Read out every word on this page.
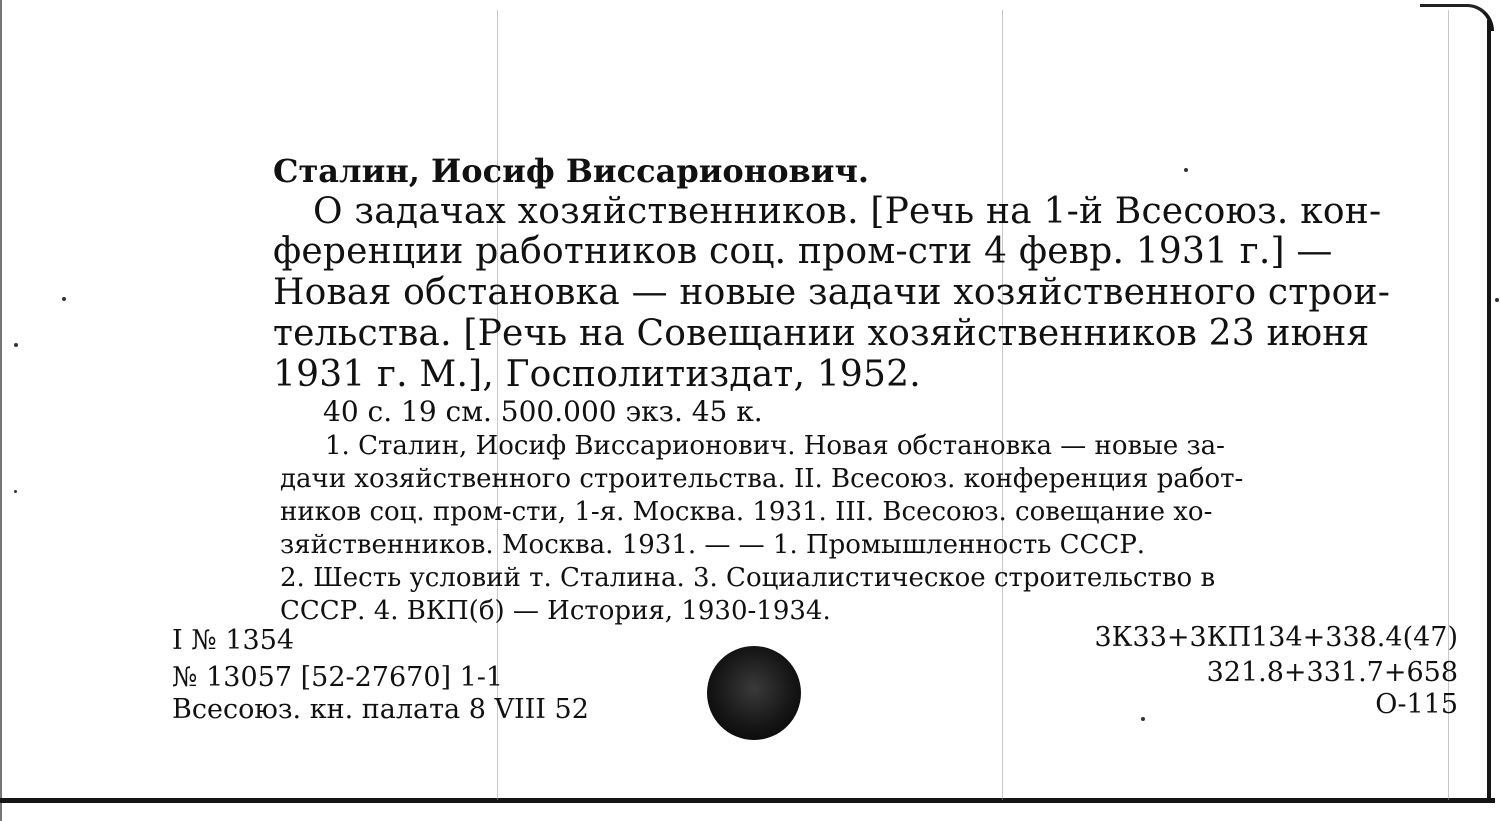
Сталин, Иосиф Виссарионович.
О задачах хозяйственников. [Речь на 1-й Всесоюз. кон-
ференции работников соц. пром-сти 4 февр. 1931 г.] —
Новая обстановка — новые задачи хозяйственного строи-
тельства. [Речь на Совещании хозяйственников 23 июня
1931 г. М.], Госполитиздат, 1952.
40 с. 19 см. 500.000 экз. 45 к.
1. Сталин, Иосиф Виссарионович. Новая обстановка — новые за-
дачи хозяйственного строительства. II. Всесоюз. конференция работ-
ников соц. пром-сти, 1-я. Москва. 1931. III. Всесоюз. совещание хо-
зяйственников. Москва. 1931. — — 1. Промышленность СССР.
2. Шесть условий т. Сталина. 3. Социалистическое строительство в
СССР. 4. ВКП(б) — История, 1930-1934.
I № 1354
№ 13057 [52-27670] 1-1
Всесоюз. кн. палата 8 VIII 52
3К33+3КП134+338.4(47)
321.8+331.7+658
О-115
